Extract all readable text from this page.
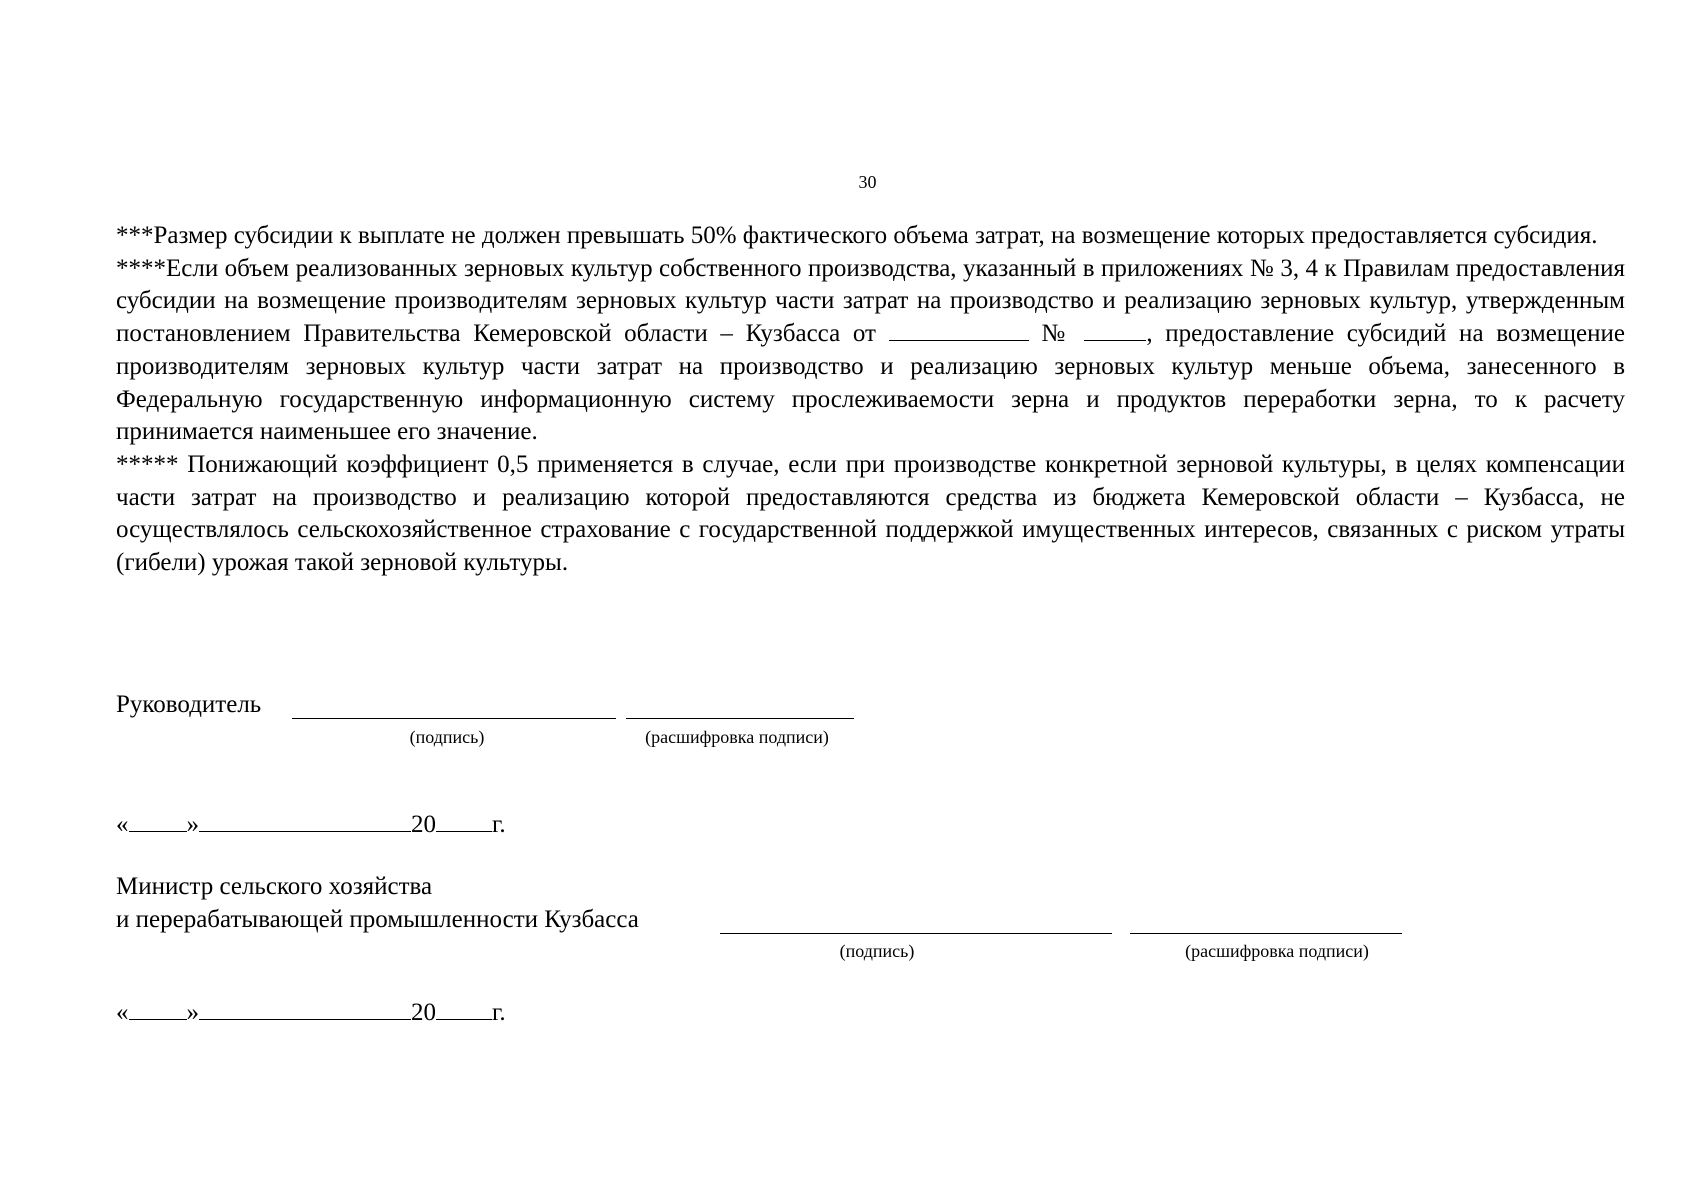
30

***Размер субсидии к выплате не должен превышать 50% фактического объема затрат, на возмещение которых предоставляется субсидия.

****Если объем реализованных зерновых культур собственного производства, указанный в приложениях № 3, 4 к Правилам предоставления субсидии на возмещение производителям зерновых культур части затрат на производство и реализацию зерновых культур, утвержденным постановлением Правительства Кемеровской области – Кузбасса от	№	, предоставление субсидий на возмещение производителям зерновых культур части затрат на производство и реализацию зерновых культур меньше объема, занесенного в Федеральную государственную информационную систему прослеживаемости зерна и продуктов переработки зерна, то к расчету принимается наименьшее его значение.

***** Понижающий коэффициент 0,5 применяется в случае, если при производстве конкретной зерновой культуры, в целях компенсации части затрат на производство и реализацию которой предоставляются средства из бюджета Кемеровской области – Кузбасса, не осуществлялось сельскохозяйственное страхование с государственной поддержкой имущественных интересов, связанных с риском утраты (гибели) урожая такой зерновой культуры.

Руководитель
(подпись)	(расшифровка подписи)
« »	20 г.
Министр сельского хозяйства
и перерабатывающей промышленности Кузбасса
(подпись)	(расшифровка подписи)
« »	20 г.
